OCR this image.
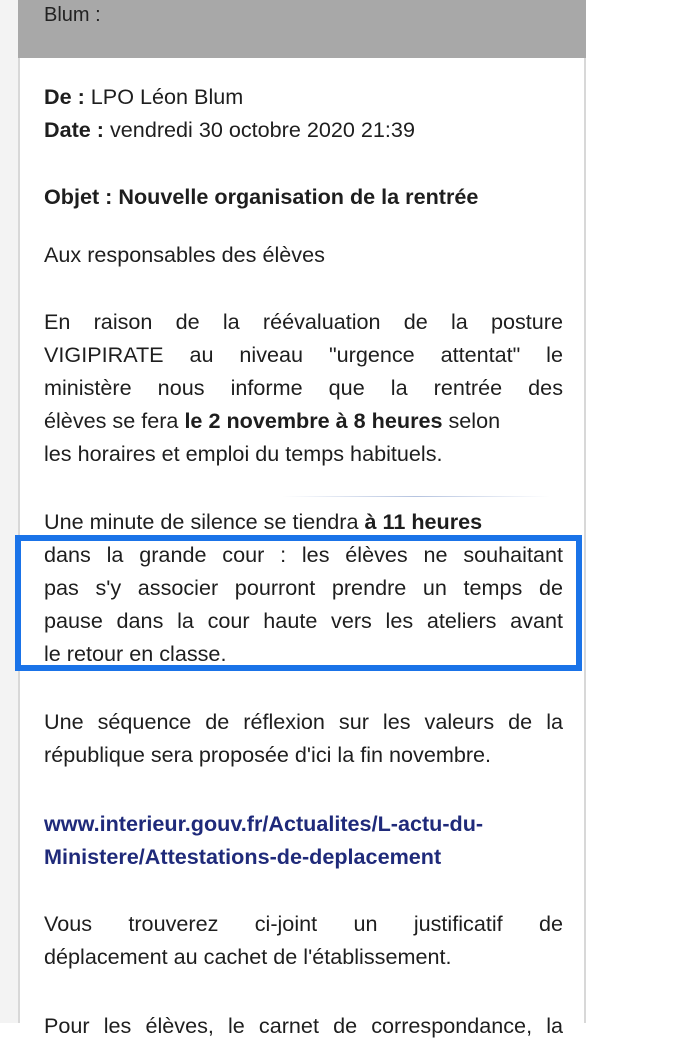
Blum :
De : LPO Léon Blum
Date : vendredi 30 octobre 2020 21:39
Objet : Nouvelle organisation de la rentrée
Aux responsables des élèves
En raison de la réévaluation de la posture
VIGIPIRATE au niveau "urgence attentat" le
ministère nous informe que la rentrée des
élèves se fera le 2 novembre à 8 heures selon
les horaires et emploi du temps habituels.
Une minute de silence se tiendra à 11 heures
dans la grande cour : les élèves ne souhaitant
pas s'y associer pourront prendre un temps de
pause dans la cour haute vers les ateliers avant
le retour en classe.
Une séquence de réflexion sur les valeurs de la
république sera proposée d'ici la fin novembre.
www.interieur.gouv.fr/Actualites/L-actu-du-
Ministere/Attestations-de-deplacement
Vous trouverez ci-joint un justificatif de
déplacement au cachet de l'établissement.
Pour les élèves, le carnet de correspondance, la
